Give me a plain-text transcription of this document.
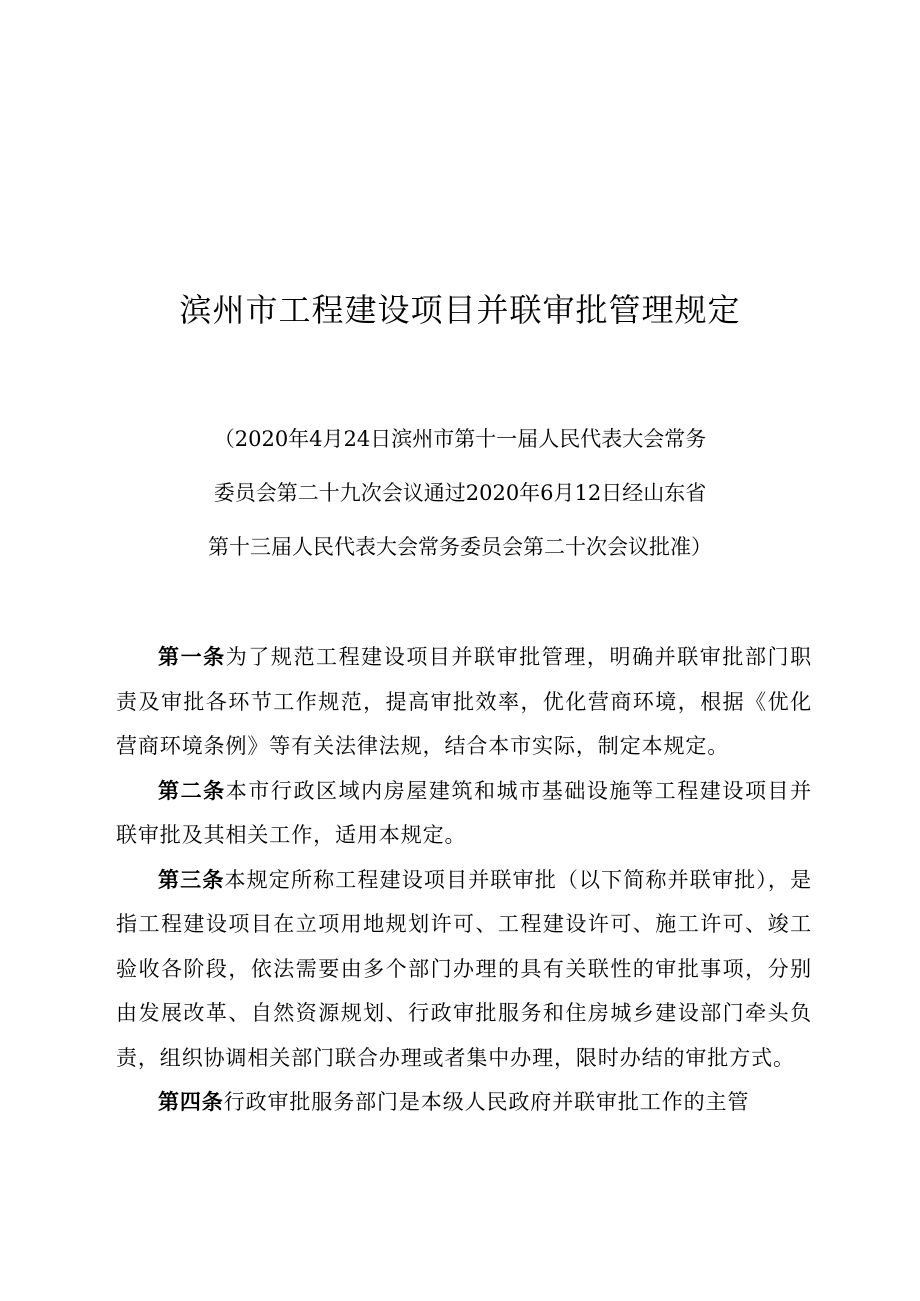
滨州市工程建设项目并联审批管理规定

（2020年4月24日滨州市第十一届人民代表大会常务
委员会第二十九次会议通过2020年6月12日经山东省
第十三届人民代表大会常务委员会第二十次会议批准）

第一条为了规范工程建设项目并联审批管理，明确并联审批部门职责及审批各环节工作规范，提高审批效率，优化营商环境，根据《优化营商环境条例》等有关法律法规，结合本市实际，制定本规定。

第二条本市行政区域内房屋建筑和城市基础设施等工程建设项目并联审批及其相关工作，适用本规定。

第三条本规定所称工程建设项目并联审批（以下简称并联审批），是指工程建设项目在立项用地规划许可、工程建设许可、施工许可、竣工验收各阶段，依法需要由多个部门办理的具有关联性的审批事项，分别由发展改革、自然资源规划、行政审批服务和住房城乡建设部门牵头负责，组织协调相关部门联合办理或者集中办理，限时办结的审批方式。

第四条行政审批服务部门是本级人民政府并联审批工作的主管
